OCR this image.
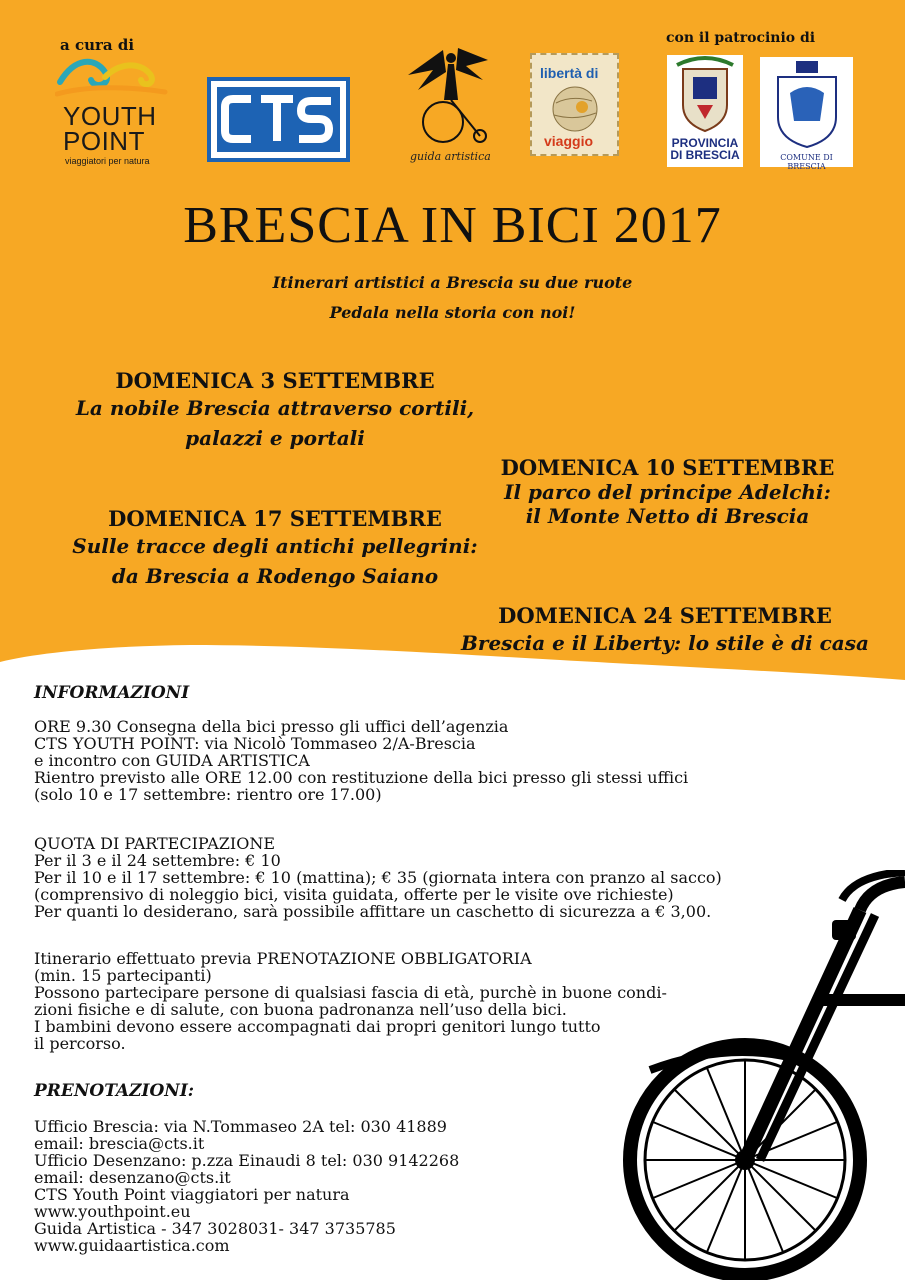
a cura di	con il patrocinio di
YOUTH POINT
viaggiatori per natura	guida artistica
libertà di
viaggio	PROVINCIA DI BRESCIA	COMUNE DI BRESCIA
BRESCIA IN BICI 2017
Itinerari artistici a Brescia su due ruote
Pedala nella storia con noi!
DOMENICA 3 SETTEMBRE
La nobile Brescia attraverso cortili,
palazzi e portali
DOMENICA 10 SETTEMBRE
Il parco del principe Adelchi:
il Monte Netto di Brescia
DOMENICA 17 SETTEMBRE
Sulle tracce degli antichi pellegrini:
da Brescia a Rodengo Saiano
DOMENICA 24 SETTEMBRE
Brescia e il Liberty: lo stile è di casa
INFORMAZIONI
ORE 9.30 Consegna della bici presso gli uffici dell’agenzia
CTS YOUTH POINT: via Nicolò Tommaseo 2/A-Brescia
e incontro con GUIDA ARTISTICA
Rientro previsto alle ORE 12.00 con restituzione della bici presso gli stessi uffici
(solo 10 e 17 settembre: rientro ore 17.00)
QUOTA DI PARTECIPAZIONE
Per il 3 e il 24 settembre: € 10
Per il 10 e il 17 settembre: € 10 (mattina); € 35 (giornata intera con pranzo al sacco)
(comprensivo di noleggio bici, visita guidata, offerte per le visite ove richieste)
Per quanti lo desiderano, sarà possibile affittare un caschetto di sicurezza a € 3,00.
Itinerario effettuato previa PRENOTAZIONE OBBLIGATORIA
(min. 15 partecipanti)
Possono partecipare persone di qualsiasi fascia di età, purchè in buone condi-
zioni fisiche e di salute, con buona padronanza nell’uso della bici.
I bambini devono essere accompagnati dai propri genitori lungo tutto
il percorso.
PRENOTAZIONI:
Ufficio Brescia: via N.Tommaseo 2A tel: 030 41889
email: brescia@cts.it
Ufficio Desenzano: p.zza Einaudi 8 tel: 030 9142268
email: desenzano@cts.it
CTS Youth Point viaggiatori per natura
www.youthpoint.eu
Guida Artistica - 347 3028031- 347 3735785
www.guidaartistica.com
